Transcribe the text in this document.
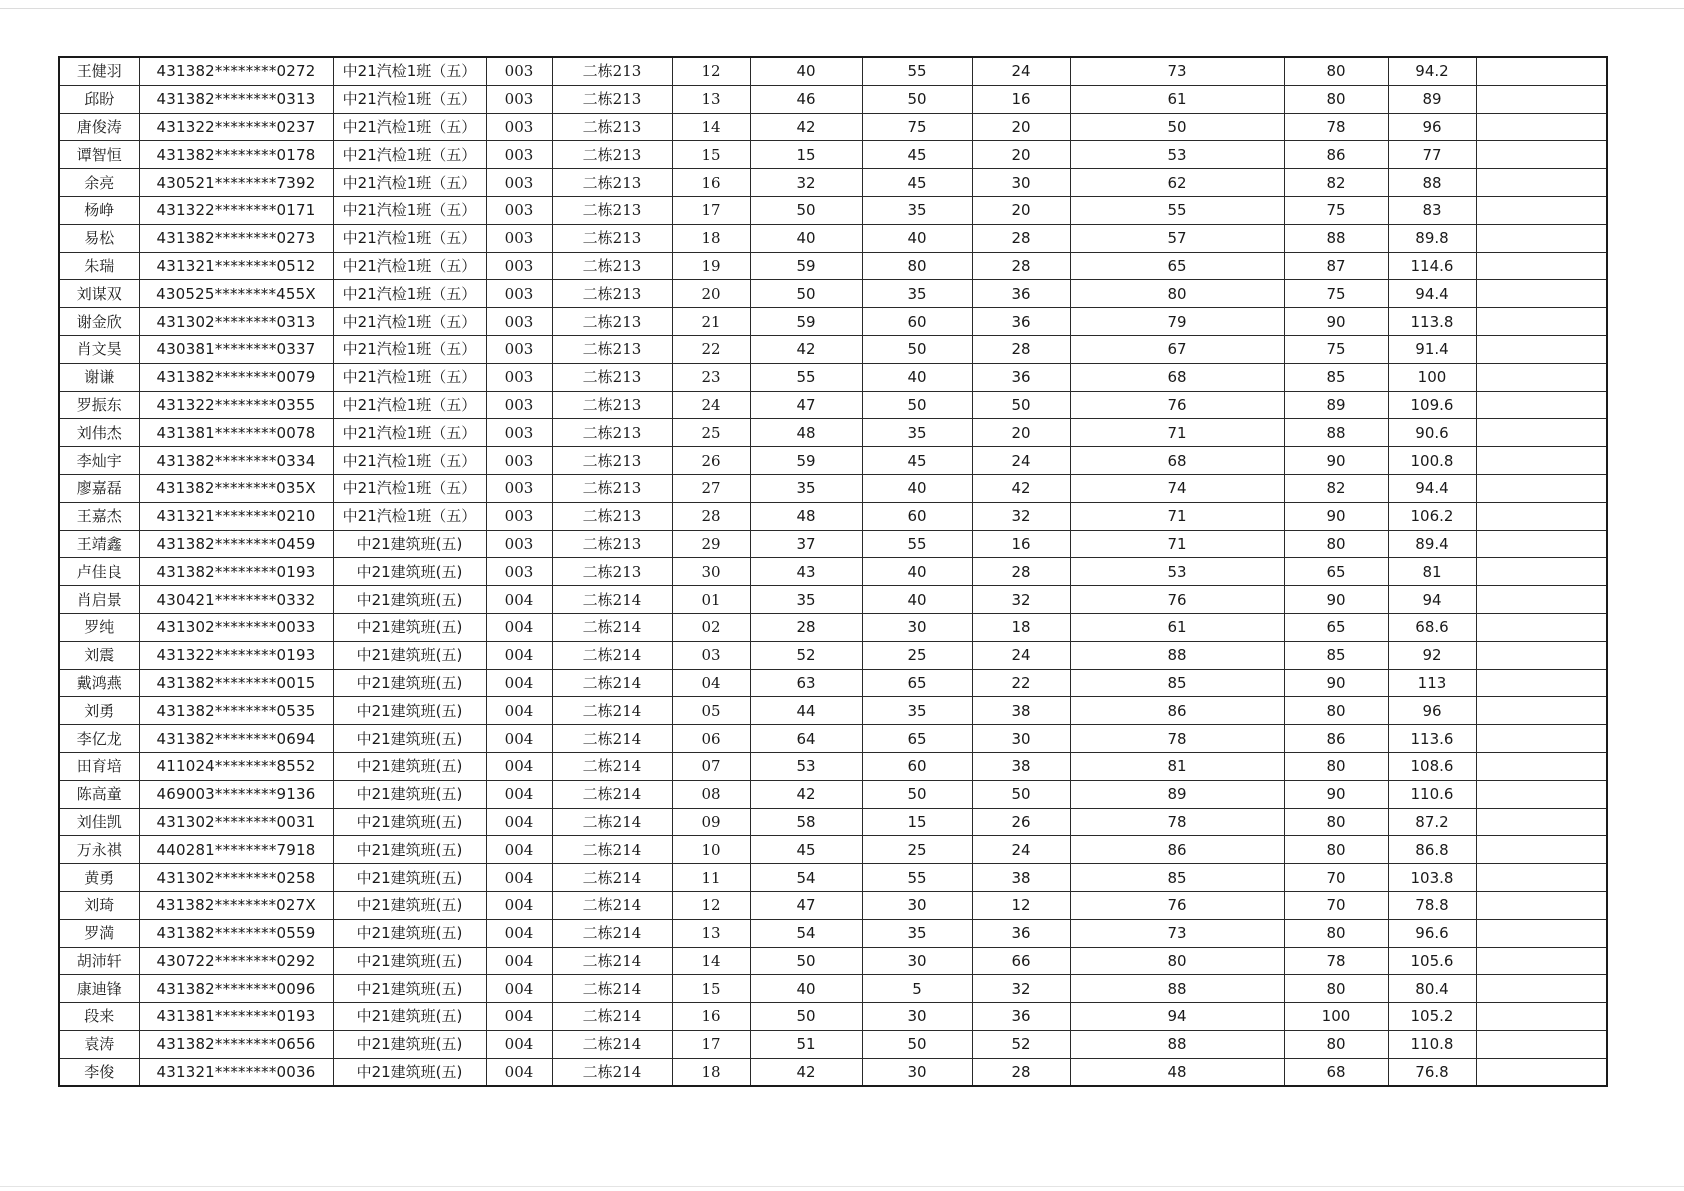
王健羽	431382********0272	中21汽检1班（五）	003	二栋213	12	40	55	24	73	80	94.2	
邱盼	431382********0313	中21汽检1班（五）	003	二栋213	13	46	50	16	61	80	89	
唐俊涛	431322********0237	中21汽检1班（五）	003	二栋213	14	42	75	20	50	78	96	
谭智恒	431382********0178	中21汽检1班（五）	003	二栋213	15	15	45	20	53	86	77	
余亮	430521********7392	中21汽检1班（五）	003	二栋213	16	32	45	30	62	82	88	
杨峥	431322********0171	中21汽检1班（五）	003	二栋213	17	50	35	20	55	75	83	
易松	431382********0273	中21汽检1班（五）	003	二栋213	18	40	40	28	57	88	89.8	
朱瑞	431321********0512	中21汽检1班（五）	003	二栋213	19	59	80	28	65	87	114.6	
刘谋双	430525********455X	中21汽检1班（五）	003	二栋213	20	50	35	36	80	75	94.4	
谢金欣	431302********0313	中21汽检1班（五）	003	二栋213	21	59	60	36	79	90	113.8	
肖文昊	430381********0337	中21汽检1班（五）	003	二栋213	22	42	50	28	67	75	91.4	
谢谦	431382********0079	中21汽检1班（五）	003	二栋213	23	55	40	36	68	85	100	
罗振东	431322********0355	中21汽检1班（五）	003	二栋213	24	47	50	50	76	89	109.6	
刘伟杰	431381********0078	中21汽检1班（五）	003	二栋213	25	48	35	20	71	88	90.6	
李灿宇	431382********0334	中21汽检1班（五）	003	二栋213	26	59	45	24	68	90	100.8	
廖嘉磊	431382********035X	中21汽检1班（五）	003	二栋213	27	35	40	42	74	82	94.4	
王嘉杰	431321********0210	中21汽检1班（五）	003	二栋213	28	48	60	32	71	90	106.2	
王靖鑫	431382********0459	中21建筑班(五)	003	二栋213	29	37	55	16	71	80	89.4	
卢佳良	431382********0193	中21建筑班(五)	003	二栋213	30	43	40	28	53	65	81	
肖启景	430421********0332	中21建筑班(五)	004	二栋214	01	35	40	32	76	90	94	
罗纯	431302********0033	中21建筑班(五)	004	二栋214	02	28	30	18	61	65	68.6	
刘震	431322********0193	中21建筑班(五)	004	二栋214	03	52	25	24	88	85	92	
戴鸿燕	431382********0015	中21建筑班(五)	004	二栋214	04	63	65	22	85	90	113	
刘勇	431382********0535	中21建筑班(五)	004	二栋214	05	44	35	38	86	80	96	
李亿龙	431382********0694	中21建筑班(五)	004	二栋214	06	64	65	30	78	86	113.6	
田育培	411024********8552	中21建筑班(五)	004	二栋214	07	53	60	38	81	80	108.6	
陈高童	469003********9136	中21建筑班(五)	004	二栋214	08	42	50	50	89	90	110.6	
刘佳凯	431302********0031	中21建筑班(五)	004	二栋214	09	58	15	26	78	80	87.2	
万永祺	440281********7918	中21建筑班(五)	004	二栋214	10	45	25	24	86	80	86.8	
黄勇	431302********0258	中21建筑班(五)	004	二栋214	11	54	55	38	85	70	103.8	
刘琦	431382********027X	中21建筑班(五)	004	二栋214	12	47	30	12	76	70	78.8	
罗満	431382********0559	中21建筑班(五)	004	二栋214	13	54	35	36	73	80	96.6	
胡沛轩	430722********0292	中21建筑班(五)	004	二栋214	14	50	30	66	80	78	105.6	
康迪锋	431382********0096	中21建筑班(五)	004	二栋214	15	40	5	32	88	80	80.4	
段来	431381********0193	中21建筑班(五)	004	二栋214	16	50	30	36	94	100	105.2	
袁涛	431382********0656	中21建筑班(五)	004	二栋214	17	51	50	52	88	80	110.8	
李俊	431321********0036	中21建筑班(五)	004	二栋214	18	42	30	28	48	68	76.8	
